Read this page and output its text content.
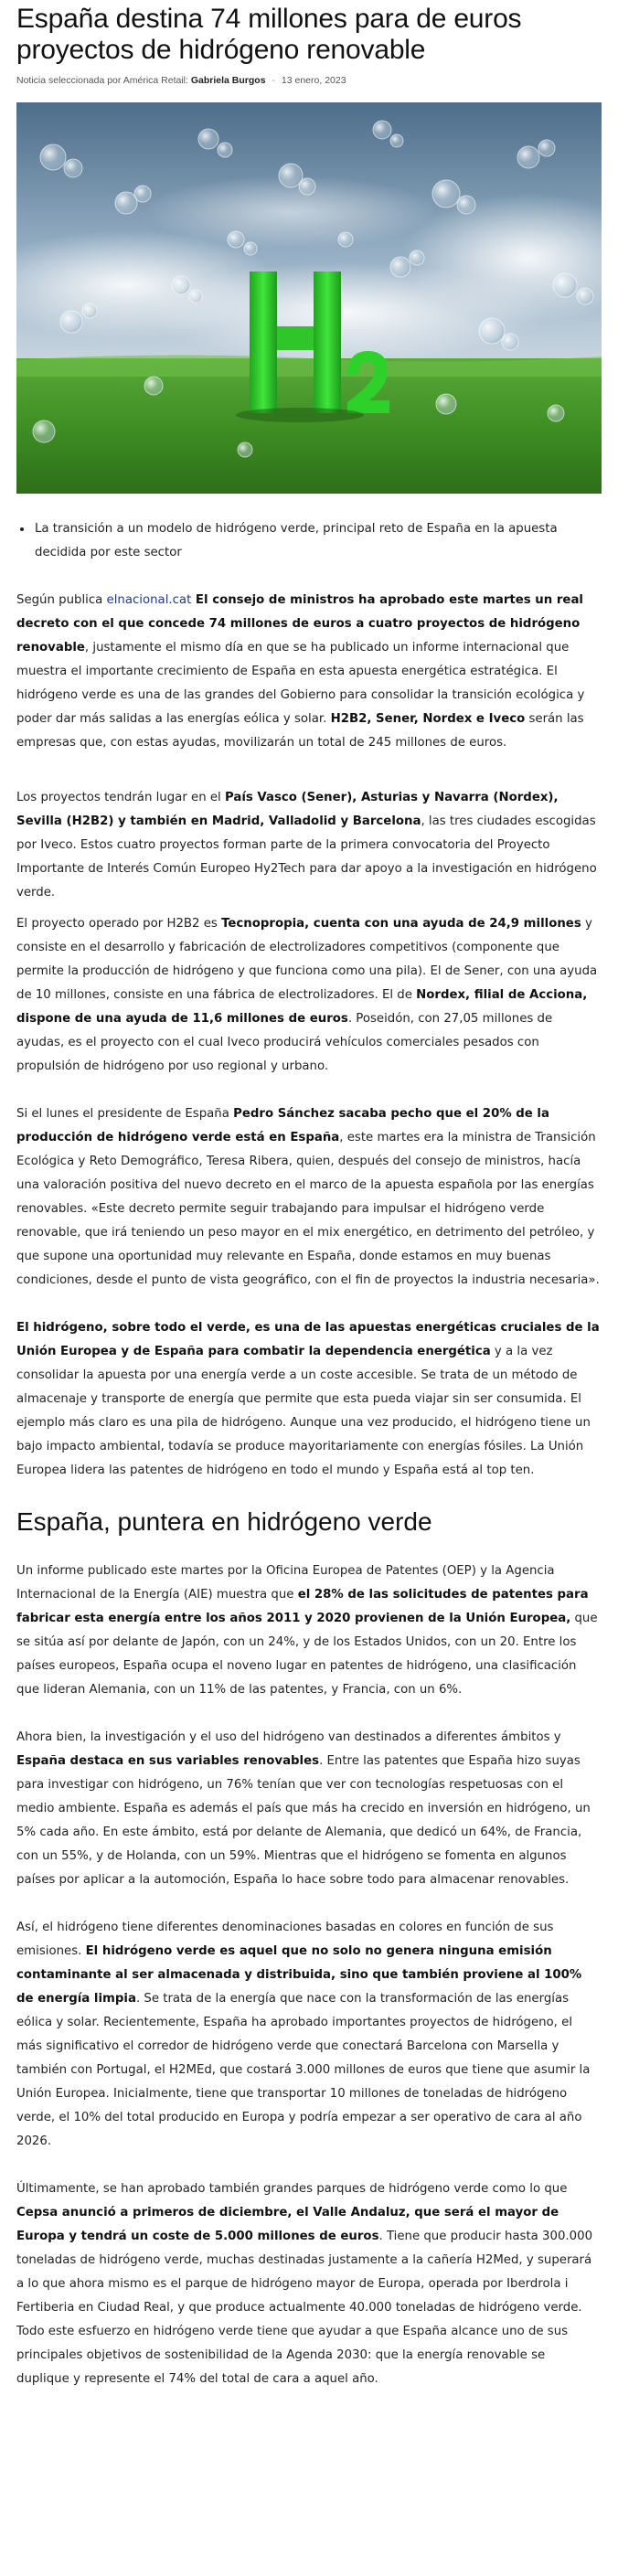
España destina 74 millones para de euros proyectos de hidrógeno renovable
Noticia seleccionada por América Retail: Gabriela Burgos - 13 enero, 2023
• La transición a un modelo de hidrógeno verde, principal reto de España en la apuesta decidida por este sector

Según publica elnacional.cat El consejo de ministros ha aprobado este martes un real decreto con el que concede 74 millones de euros a cuatro proyectos de hidrógeno renovable, justamente el mismo día en que se ha publicado un informe internacional que muestra el importante crecimiento de España en esta apuesta energética estratégica. El hidrógeno verde es una de las grandes del Gobierno para consolidar la transición ecológica y poder dar más salidas a las energías eólica y solar. H2B2, Sener, Nordex e Iveco serán las empresas que, con estas ayudas, movilizarán un total de 245 millones de euros.

Los proyectos tendrán lugar en el País Vasco (Sener), Asturias y Navarra (Nordex), Sevilla (H2B2) y también en Madrid, Valladolid y Barcelona, las tres ciudades escogidas por Iveco. Estos cuatro proyectos forman parte de la primera convocatoria del Proyecto Importante de Interés Común Europeo Hy2Tech para dar apoyo a la investigación en hidrógeno verde.

El proyecto operado por H2B2 es Tecnopropia, cuenta con una ayuda de 24,9 millones y consiste en el desarrollo y fabricación de electrolizadores competitivos (componente que permite la producción de hidrógeno y que funciona como una pila). El de Sener, con una ayuda de 10 millones, consiste en una fábrica de electrolizadores. El de Nordex, filial de Acciona, dispone de una ayuda de 11,6 millones de euros. Poseidón, con 27,05 millones de ayudas, es el proyecto con el cual Iveco producirá vehículos comerciales pesados con propulsión de hidrógeno por uso regional y urbano.

Si el lunes el presidente de España Pedro Sánchez sacaba pecho que el 20% de la producción de hidrógeno verde está en España, este martes era la ministra de Transición Ecológica y Reto Demográfico, Teresa Ribera, quien, después del consejo de ministros, hacía una valoración positiva del nuevo decreto en el marco de la apuesta española por las energías renovables. «Este decreto permite seguir trabajando para impulsar el hidrógeno verde renovable, que irá teniendo un peso mayor en el mix energético, en detrimento del petróleo, y que supone una oportunidad muy relevante en España, donde estamos en muy buenas condiciones, desde el punto de vista geográfico, con el fin de proyectos la industria necesaria».

El hidrógeno, sobre todo el verde, es una de las apuestas energéticas cruciales de la Unión Europea y de España para combatir la dependencia energética y a la vez consolidar la apuesta por una energía verde a un coste accesible. Se trata de un método de almacenaje y transporte de energía que permite que esta pueda viajar sin ser consumida. El ejemplo más claro es una pila de hidrógeno. Aunque una vez producido, el hidrógeno tiene un bajo impacto ambiental, todavía se produce mayoritariamente con energías fósiles. La Unión Europea lidera las patentes de hidrógeno en todo el mundo y España está al top ten.

España, puntera en hidrógeno verde

Un informe publicado este martes por la Oficina Europea de Patentes (OEP) y la Agencia Internacional de la Energía (AIE) muestra que el 28% de las solicitudes de patentes para fabricar esta energía entre los años 2011 y 2020 provienen de la Unión Europea, que se sitúa así por delante de Japón, con un 24%, y de los Estados Unidos, con un 20. Entre los países europeos, España ocupa el noveno lugar en patentes de hidrógeno, una clasificación que lideran Alemania, con un 11% de las patentes, y Francia, con un 6%.

Ahora bien, la investigación y el uso del hidrógeno van destinados a diferentes ámbitos y España destaca en sus variables renovables. Entre las patentes que España hizo suyas para investigar con hidrógeno, un 76% tenían que ver con tecnologías respetuosas con el medio ambiente. España es además el país que más ha crecido en inversión en hidrógeno, un 5% cada año. En este ámbito, está por delante de Alemania, que dedicó un 64%, de Francia, con un 55%, y de Holanda, con un 59%. Mientras que el hidrógeno se fomenta en algunos países por aplicar a la automoción, España lo hace sobre todo para almacenar renovables.

Así, el hidrógeno tiene diferentes denominaciones basadas en colores en función de sus emisiones. El hidrógeno verde es aquel que no solo no genera ninguna emisión contaminante al ser almacenada y distribuida, sino que también proviene al 100% de energía limpia. Se trata de la energía que nace con la transformación de las energías eólica y solar. Recientemente, España ha aprobado importantes proyectos de hidrógeno, el más significativo el corredor de hidrógeno verde que conectará Barcelona con Marsella y también con Portugal, el H2MEd, que costará 3.000 millones de euros que tiene que asumir la Unión Europea. Inicialmente, tiene que transportar 10 millones de toneladas de hidrógeno verde, el 10% del total producido en Europa y podría empezar a ser operativo de cara al año 2026.

Últimamente, se han aprobado también grandes parques de hidrógeno verde como lo que Cepsa anunció a primeros de diciembre, el Valle Andaluz, que será el mayor de Europa y tendrá un coste de 5.000 millones de euros. Tiene que producir hasta 300.000 toneladas de hidrógeno verde, muchas destinadas justamente a la cañería H2Med, y superará a lo que ahora mismo es el parque de hidrógeno mayor de Europa, operada por Iberdrola i Fertiberia en Ciudad Real, y que produce actualmente 40.000 toneladas de hidrógeno verde. Todo este esfuerzo en hidrógeno verde tiene que ayudar a que España alcance uno de sus principales objetivos de sostenibilidad de la Agenda 2030: que la energía renovable se duplique y represente el 74% del total de cara a aquel año.
